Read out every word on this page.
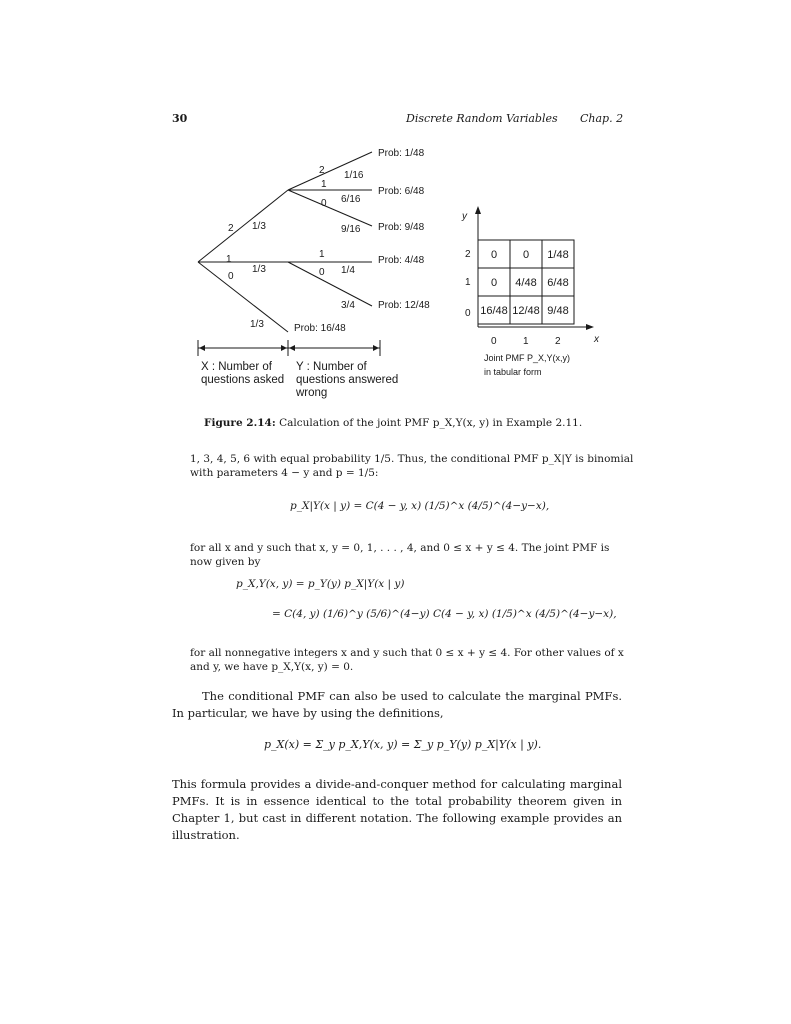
30	Discrete Random Variables Chap. 2
2
1
0
1/3
1/3
1/3
2
1
0
1/16
6/16
9/16
1
0 1/4
3/4
Prob: 1/48
Prob: 6/48
Prob: 9/48
Prob: 4/48
Prob: 12/48
Prob: 16/48
X : Number of
questions asked
Y : Number of
questions answered
wrong
y
x
2
1
0
0	1	2
0 0 1/48
0 4/48 6/48
16/48 12/48 9/48
Joint PMF P_X,Y(x,y)
in tabular form
Figure 2.14: Calculation of the joint PMF p_X,Y(x, y) in Example 2.11.
1, 3, 4, 5, 6 with equal probability 1/5. Thus, the conditional PMF p_X|Y is binomial
with parameters 4 − y and p = 1/5:
p_X|Y(x | y) = C(4 − y, x) (1/5)^x (4/5)^(4−y−x),
for all x and y such that x, y = 0, 1, . . . , 4, and 0 ≤ x + y ≤ 4. The joint PMF is
now given by
p_X,Y(x, y) = p_Y(y) p_X|Y(x | y)
= C(4, y) (1/6)^y (5/6)^(4−y) C(4 − y, x) (1/5)^x (4/5)^(4−y−x),
for all nonnegative integers x and y such that 0 ≤ x + y ≤ 4. For other values of x
and y, we have p_X,Y(x, y) = 0.
The conditional PMF can also be used to calculate the marginal PMFs. In particular, we have by using the definitions,
p_X(x) = Σ_y p_X,Y(x, y) = Σ_y p_Y(y) p_X|Y(x | y).
This formula provides a divide-and-conquer method for calculating marginal PMFs. It is in essence identical to the total probability theorem given in Chapter 1, but cast in different notation. The following example provides an illustration.
